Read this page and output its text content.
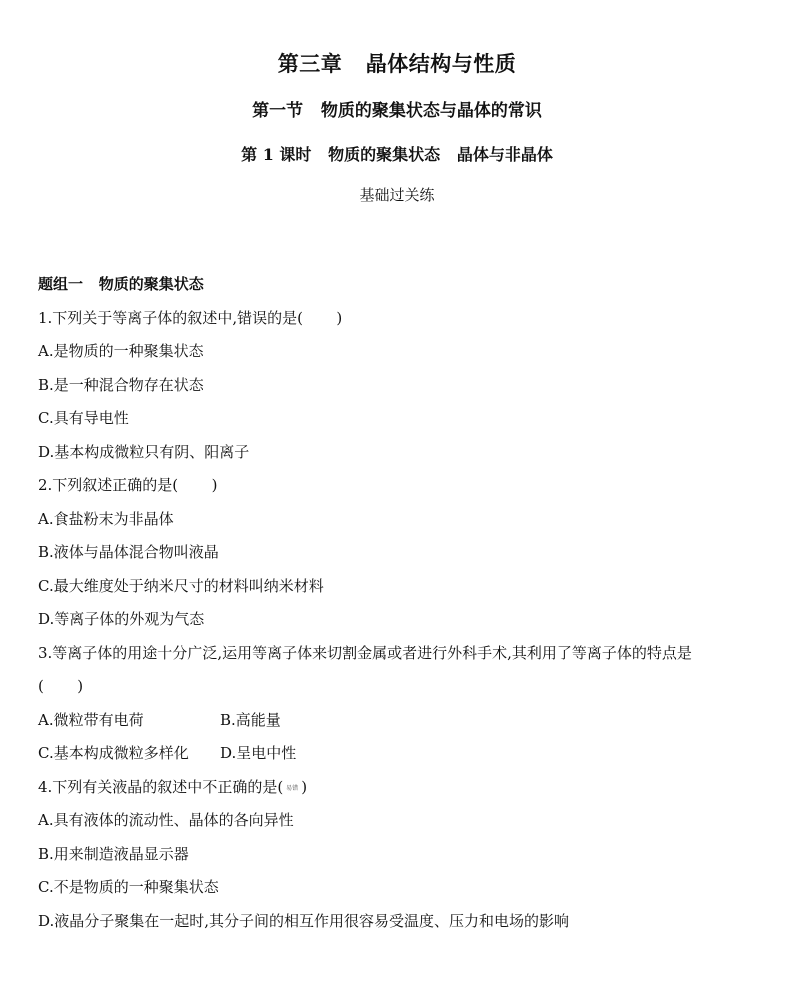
第三章 晶体结构与性质
第一节 物质的聚集状态与晶体的常识
第 1 课时 物质的聚集状态 晶体与非晶体
基础过关练
题组一 物质的聚集状态
1.下列关于等离子体的叙述中,错误的是( )
A.是物质的一种聚集状态
B.是一种混合物存在状态
C.具有导电性
D.基本构成微粒只有阴、阳离子
2.下列叙述正确的是( )
A.食盐粉末为非晶体
B.液体与晶体混合物叫液晶
C.最大维度处于纳米尺寸的材料叫纳米材料
D.等离子体的外观为气态
3.等离子体的用途十分广泛,运用等离子体来切割金属或者进行外科手术,其利用了等离子体的特点是
( )
A.微粒带有电荷	B.高能量
C.基本构成微粒多样化 D.呈电中性
4.下列有关液晶的叙述中不正确的是( 易错 )
A.具有液体的流动性、晶体的各向异性
B.用来制造液晶显示器
C.不是物质的一种聚集状态
D.液晶分子聚集在一起时,其分子间的相互作用很容易受温度、压力和电场的影响
